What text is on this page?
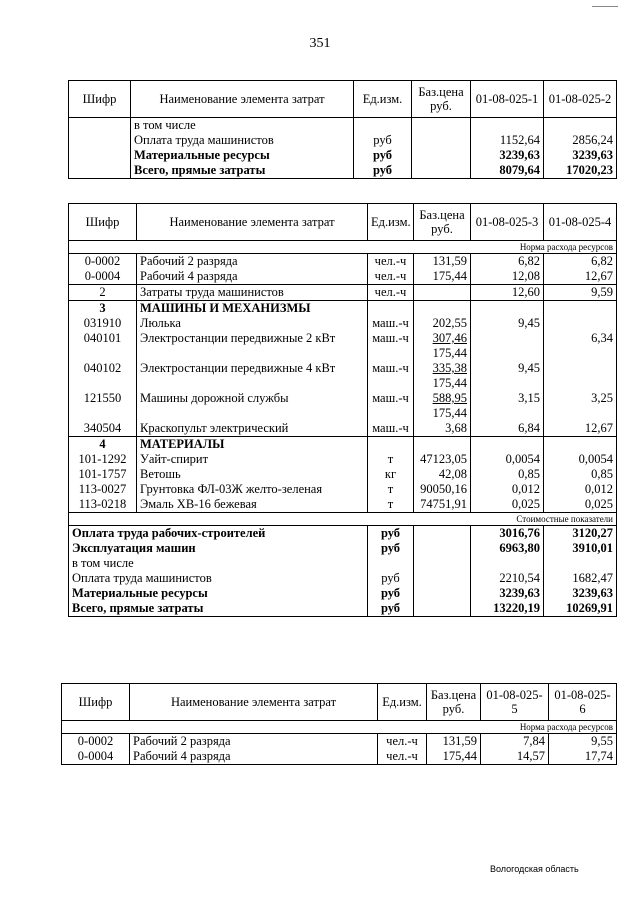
351
Шифр	Наименование элемента затрат	Ед.изм.	Баз.цена руб.	01-08-025-1	01-08-025-2
	в том числе				
	Оплата труда машинистов	руб		1152,64	2856,24
	Материальные ресурсы	руб		3239,63	3239,63
	Всего, прямые затраты	руб		8079,64	17020,23
Шифр	Наименование элемента затрат	Ед.изм.	Баз.цена руб.	01-08-025-3	01-08-025-4
Норма расхода ресурсов					
0-0002	Рабочий 2 разряда	чел.-ч	131,59	6,82	6,82
0-0004	Рабочий 4 разряда	чел.-ч	175,44	12,08	12,67
2	Затраты труда машинистов	чел.-ч		12,60	9,59
3	МАШИНЫ И МЕХАНИЗМЫ				
031910	Люлька	маш.-ч	202,55	9,45	
040101	Электростанции передвижные 2 кВт	маш.-ч	307,46		6,34
			175,44		
040102	Электростанции передвижные 4 кВт	маш.-ч	335,38	9,45	
			175,44		
121550	Машины дорожной службы	маш.-ч	588,95	3,15	3,25
			175,44		
340504	Краскопульт электрический	маш.-ч	3,68	6,84	12,67
4	МАТЕРИАЛЫ				
101-1292	Уайт-спирит	т	47123,05	0,0054	0,0054
101-1757	Ветошь	кг	42,08	0,85	0,85
113-0027	Грунтовка ФЛ-03Ж желто-зеленая	т	90050,16	0,012	0,012
113-0218	Эмаль ХВ-16 бежевая	т	74751,91	0,025	0,025
Стоимостные показатели					
Оплата труда рабочих-строителей		руб		3016,76	3120,27
Эксплуатация машин		руб		6963,80	3910,01
в том числе					
Оплата труда машинистов		руб		2210,54	1682,47
Материальные ресурсы		руб		3239,63	3239,63
Всего, прямые затраты		руб		13220,19	10269,91
Шифр	Наименование элемента затрат	Ед.изм.	Баз.цена руб.	01-08-025-5	01-08-025-6
Норма расхода ресурсов					
0-0002	Рабочий 2 разряда	чел.-ч	131,59	7,84	9,55
0-0004	Рабочий 4 разряда	чел.-ч	175,44	14,57	17,74
Вологодская область
